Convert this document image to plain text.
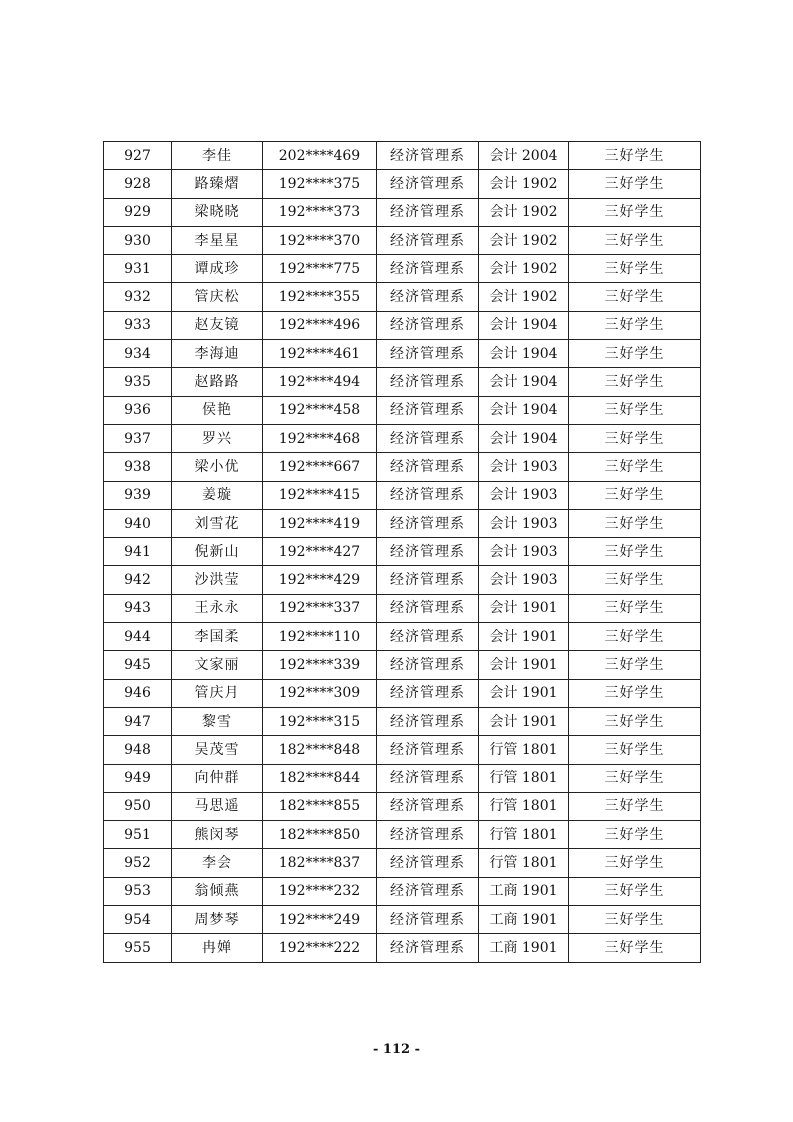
927	李佳	202****469	经济管理系	会计 2004	三好学生
928	路臻熠	192****375	经济管理系	会计 1902	三好学生
929	梁晓晓	192****373	经济管理系	会计 1902	三好学生
930	李星星	192****370	经济管理系	会计 1902	三好学生
931	谭成珍	192****775	经济管理系	会计 1902	三好学生
932	管庆松	192****355	经济管理系	会计 1902	三好学生
933	赵友镜	192****496	经济管理系	会计 1904	三好学生
934	李海迪	192****461	经济管理系	会计 1904	三好学生
935	赵路路	192****494	经济管理系	会计 1904	三好学生
936	侯艳	192****458	经济管理系	会计 1904	三好学生
937	罗兴	192****468	经济管理系	会计 1904	三好学生
938	梁小优	192****667	经济管理系	会计 1903	三好学生
939	姜璇	192****415	经济管理系	会计 1903	三好学生
940	刘雪花	192****419	经济管理系	会计 1903	三好学生
941	倪新山	192****427	经济管理系	会计 1903	三好学生
942	沙洪莹	192****429	经济管理系	会计 1903	三好学生
943	王永永	192****337	经济管理系	会计 1901	三好学生
944	李国柔	192****110	经济管理系	会计 1901	三好学生
945	文家丽	192****339	经济管理系	会计 1901	三好学生
946	管庆月	192****309	经济管理系	会计 1901	三好学生
947	黎雪	192****315	经济管理系	会计 1901	三好学生
948	吴茂雪	182****848	经济管理系	行管 1801	三好学生
949	向仲群	182****844	经济管理系	行管 1801	三好学生
950	马思遥	182****855	经济管理系	行管 1801	三好学生
951	熊闵琴	182****850	经济管理系	行管 1801	三好学生
952	李会	182****837	经济管理系	行管 1801	三好学生
953	翁倾燕	192****232	经济管理系	工商 1901	三好学生
954	周梦琴	192****249	经济管理系	工商 1901	三好学生
955	冉婵	192****222	经济管理系	工商 1901	三好学生
- 112 -
